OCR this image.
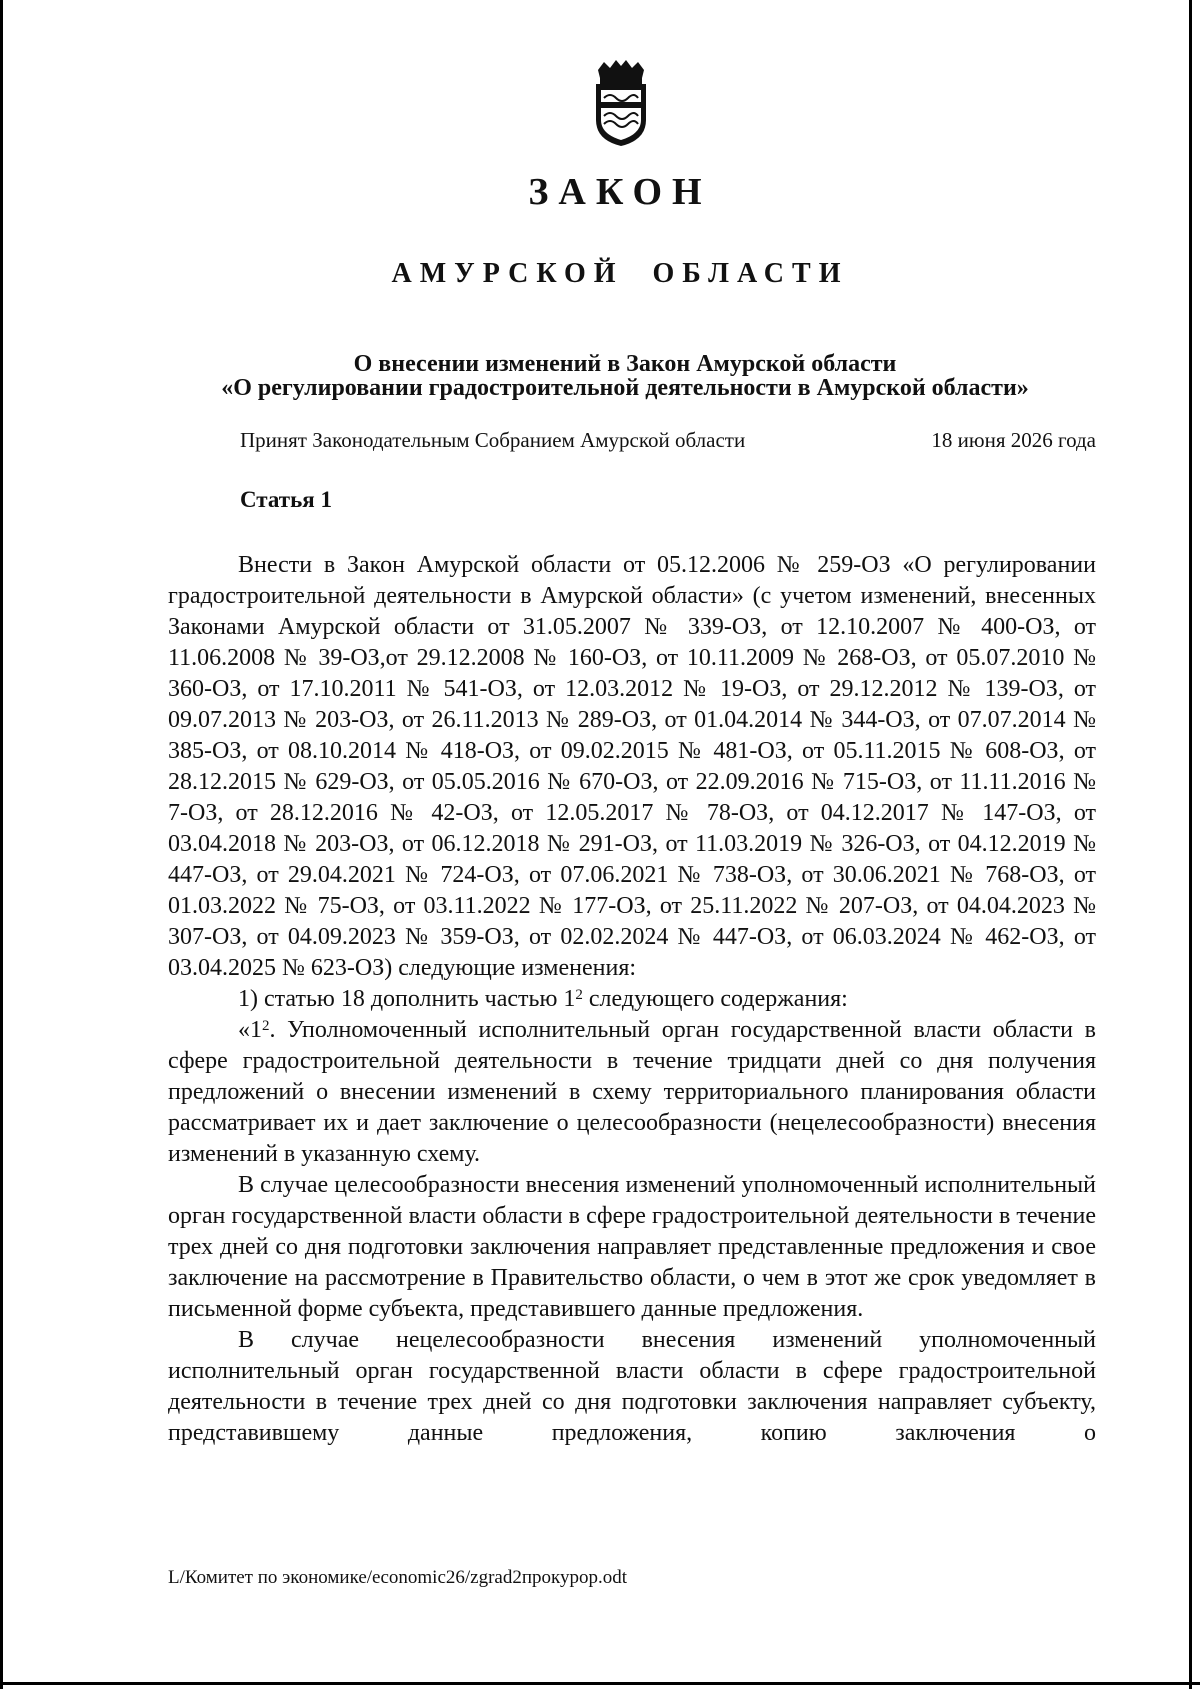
ЗАКОН
АМУРСКОЙ ОБЛАСТИ
О внесении изменений в Закон Амурской области
«О регулировании градостроительной деятельности в Амурской области»
Принят Законодательным Собранием Амурской области	18 июня 2026 года
Статья 1

Внести в Закон Амурской области от 05.12.2006 № 259-ОЗ «О регулировании градостроительной деятельности в Амурской области» (с учетом изменений, внесенных Законами Амурской области от 31.05.2007 № 339-ОЗ, от 12.10.2007 № 400-ОЗ, от 11.06.2008 № 39-ОЗ,от 29.12.2008 № 160-ОЗ, от 10.11.2009 № 268-ОЗ, от 05.07.2010 № 360-ОЗ, от 17.10.2011 № 541-ОЗ, от 12.03.2012 № 19-ОЗ, от 29.12.2012 № 139-ОЗ, от 09.07.2013 № 203-ОЗ, от 26.11.2013 № 289-ОЗ, от 01.04.2014 № 344-ОЗ, от 07.07.2014 № 385-ОЗ, от 08.10.2014 № 418-ОЗ, от 09.02.2015 № 481-ОЗ, от 05.11.2015 № 608-ОЗ, от 28.12.2015 № 629-ОЗ, от 05.05.2016 № 670-ОЗ, от 22.09.2016 № 715-ОЗ, от 11.11.2016 № 7-ОЗ, от 28.12.2016 № 42-ОЗ, от 12.05.2017 № 78-ОЗ, от 04.12.2017 № 147-ОЗ, от 03.04.2018 № 203-ОЗ, от 06.12.2018 № 291-ОЗ, от 11.03.2019 № 326-ОЗ, от 04.12.2019 № 447-ОЗ, от 29.04.2021 № 724-ОЗ, от 07.06.2021 № 738-ОЗ, от 30.06.2021 № 768-ОЗ, от 01.03.2022 № 75-ОЗ, от 03.11.2022 № 177-ОЗ, от 25.11.2022 № 207-ОЗ, от 04.04.2023 № 307-ОЗ, от 04.09.2023 № 359-ОЗ, от 02.02.2024 № 447-ОЗ, от 06.03.2024 № 462-ОЗ, от 03.04.2025 № 623-ОЗ) следующие изменения:

1) статью 18 дополнить частью $1^2$ следующего содержания:

«$1^2$. Уполномоченный исполнительный орган государственной власти области в сфере градостроительной деятельности в течение тридцати дней со дня получения предложений о внесении изменений в схему территориального планирования области рассматривает их и дает заключение о целесообразности (нецелесообразности) внесения изменений в указанную схему.

В случае целесообразности внесения изменений уполномоченный исполнительный орган государственной власти области в сфере градостроительной деятельности в течение трех дней со дня подготовки заключения направляет представленные предложения и свое заключение на рассмотрение в Правительство области, о чем в этот же срок уведомляет в письменной форме субъекта, представившего данные предложения.

В случае нецелесообразности внесения изменений уполномоченный исполнительный орган государственной власти области в сфере градостроительной деятельности в течение трех дней со дня подготовки заключения направляет субъекту, представившему данные предложения, копию заключения о

L/Комитет по экономике/economic26/zgrad2прокурор.odt
